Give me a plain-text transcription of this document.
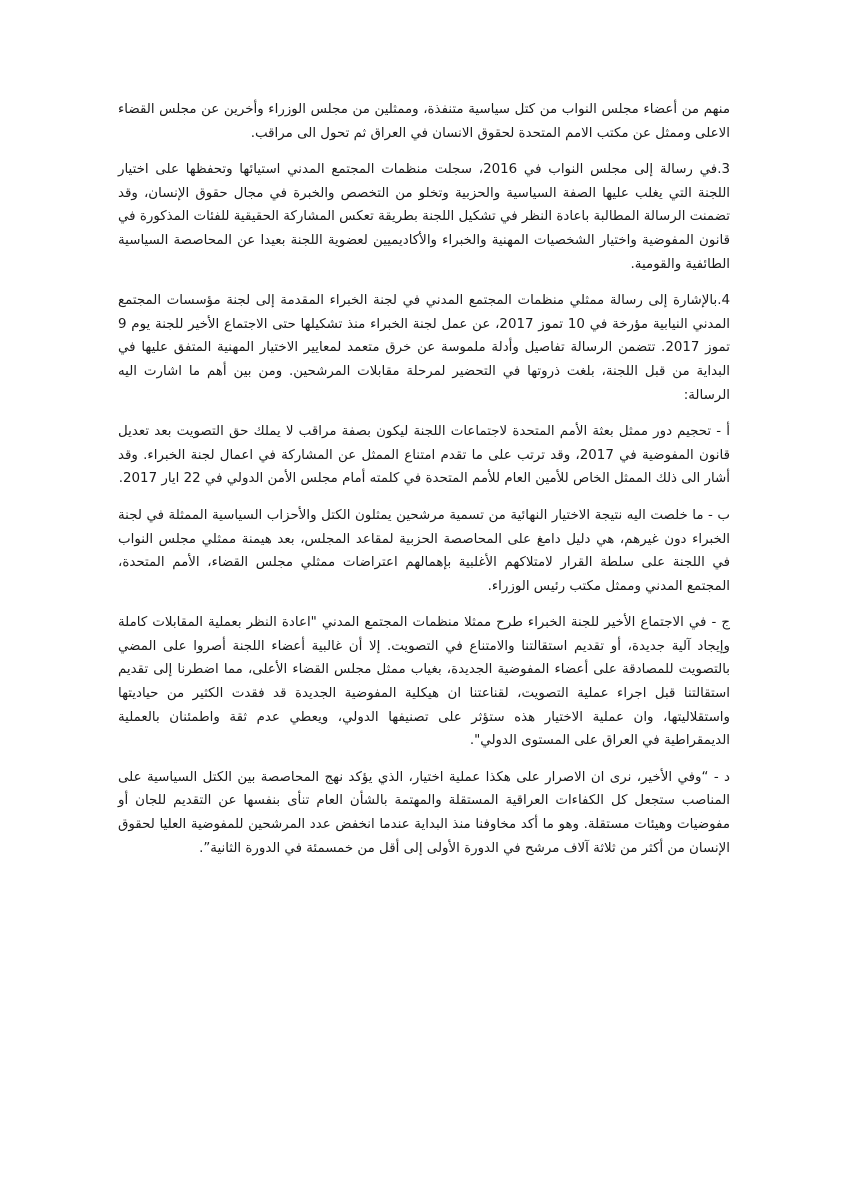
منهم من أعضاء مجلس النواب من كتل سياسية متنفذة، وممثلين من مجلس الوزراء وأخرين عن مجلس القضاء الاعلى وممثل عن مكتب الامم المتحدة لحقوق الانسان في العراق ثم تحول الى مراقب.

3.في رسالة إلى مجلس النواب في 2016، سجلت منظمات المجتمع المدني استيائها وتحفظها على اختيار اللجنة التي يغلب عليها الصفة السياسية والحزبية وتخلو من التخصص والخبرة في مجال حقوق الإنسان، وقد تضمنت الرسالة المطالبة باعادة النظر في تشكيل اللجنة بطريقة تعكس المشاركة الحقيقية للفئات المذكورة في قانون المفوضية واختيار الشخصيات المهنية والخبراء والأكاديميين لعضوية اللجنة بعيدا عن المحاصصة السياسية الطائفية والقومية.

4.بالإشارة إلى رسالة ممثلي منظمات المجتمع المدني في لجنة الخبراء المقدمة إلى لجنة مؤسسات المجتمع المدني النيابية مؤرخة في 10 تموز 2017، عن عمل لجنة الخبراء منذ تشكيلها حتى الاجتماع الأخير للجنة يوم 9 تموز 2017. تتضمن الرسالة تفاصيل وأدلة ملموسة عن خرق متعمد لمعايير الاختيار المهنية المتفق عليها في البداية من قبل اللجنة، بلغت ذروتها في التحضير لمرحلة مقابلات المرشحين. ومن بين أهم ما اشارت اليه الرسالة:

أ - تحجيم دور ممثل بعثة الأمم المتحدة لاجتماعات اللجنة ليكون بصفة مراقب لا يملك حق التصويت بعد تعديل قانون المفوضية في 2017، وقد ترتب على ما تقدم امتناع الممثل عن المشاركة في اعمال لجنة الخبراء. وقد أشار الى ذلك الممثل الخاص للأمين العام للأمم المتحدة في كلمته أمام مجلس الأمن الدولي في 22 ايار 2017.

ب - ما خلصت اليه نتيجة الاختيار النهائية من تسمية مرشحين يمثلون الكتل والأحزاب السياسية الممثلة في لجنة الخبراء دون غيرهم، هي دليل دامغ على المحاصصة الحزبية لمقاعد المجلس، بعد هيمنة ممثلي مجلس النواب في اللجنة على سلطة القرار لامتلاكهم الأغلبية بإهمالهم اعتراضات ممثلي مجلس القضاء، الأمم المتحدة، المجتمع المدني وممثل مكتب رئيس الوزراء.

ج - في الاجتماع الأخير للجنة الخبراء طرح ممثلا منظمات المجتمع المدني "اعادة النظر بعملية المقابلات كاملة وإيجاد آلية جديدة، أو تقديم استقالتنا والامتناع في التصويت. إلا أن غالبية أعضاء اللجنة أصروا على المضي بالتصويت للمصادقة على أعضاء المفوضية الجديدة، بغياب ممثل مجلس القضاء الأعلى، مما اضطرنا إلى تقديم استقالتنا قبل اجراء عملية التصويت، لقناعتنا ان هيكلية المفوضية الجديدة قد فقدت الكثير من حياديتها واستقلاليتها، وان عملية الاختيار هذه ستؤثر على تصنيفها الدولي، ويعطي عدم ثقة واطمئنان بالعملية الديمقراطية في العراق على المستوى الدولي".

د - “وفي الأخير، نرى ان الاصرار على هكذا عملية اختيار، الذي يؤكد نهج المحاصصة بين الكتل السياسية على المناصب ستجعل كل الكفاءات العراقية المستقلة والمهتمة بالشأن العام تنأى بنفسها عن التقديم للجان أو مفوضيات وهيئات مستقلة. وهو ما أكد مخاوفنا منذ البداية عندما انخفض عدد المرشحين للمفوضية العليا لحقوق الإنسان من أكثر من ثلاثة آلاف مرشح في الدورة الأولى إلى أقل من خمسمئة في الدورة الثانية”.
